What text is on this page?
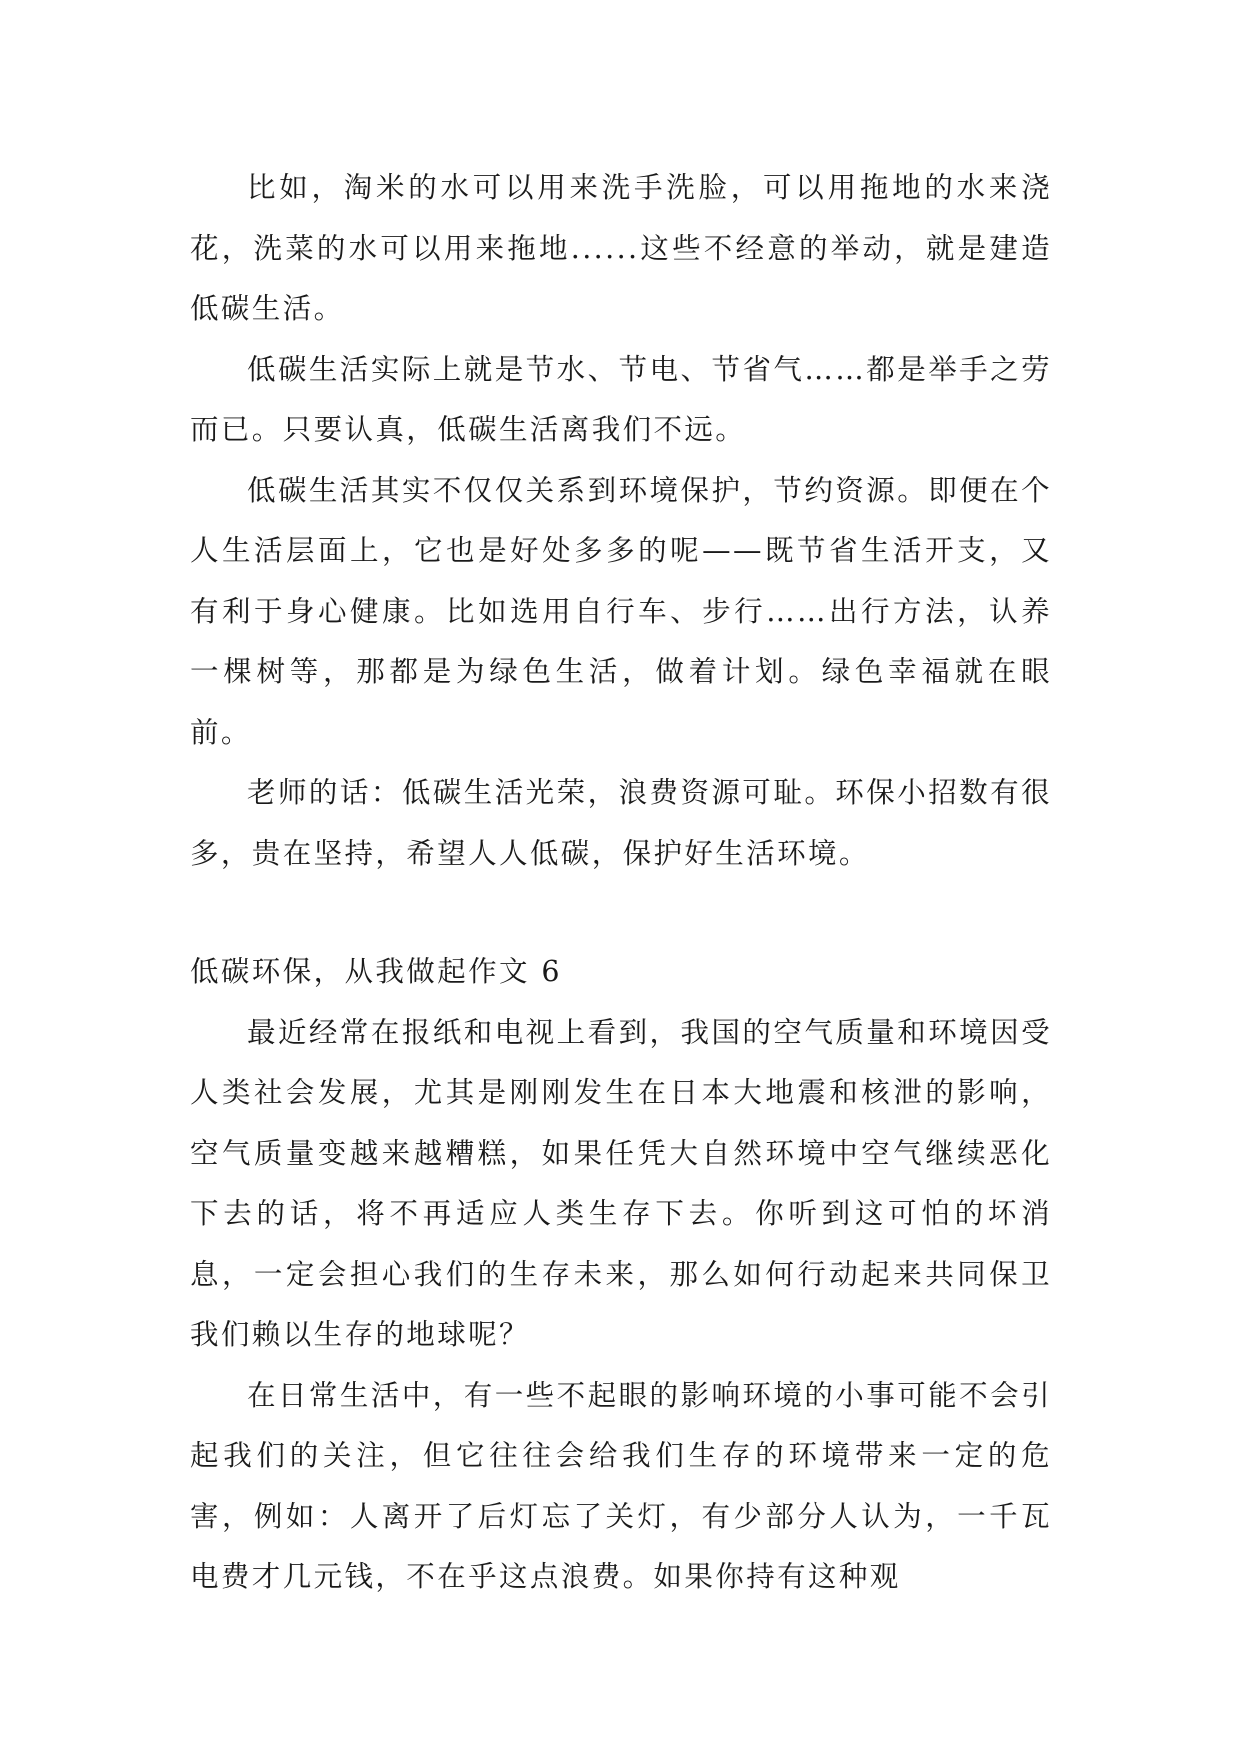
比如，淘米的水可以用来洗手洗脸，可以用拖地的水来浇花，洗菜的水可以用来拖地......这些不经意的举动，就是建造低碳生活。

低碳生活实际上就是节水、节电、节省气……都是举手之劳而已。只要认真，低碳生活离我们不远。

低碳生活其实不仅仅关系到环境保护，节约资源。即便在个人生活层面上，它也是好处多多的呢——既节省生活开支，又有利于身心健康。比如选用自行车、步行……出行方法，认养一棵树等，那都是为绿色生活，做着计划。绿色幸福就在眼前。

老师的话：低碳生活光荣，浪费资源可耻。环保小招数有很多，贵在坚持，希望人人低碳，保护好生活环境。

低碳环保，从我做起作文 6

最近经常在报纸和电视上看到，我国的空气质量和环境因受人类社会发展，尤其是刚刚发生在日本大地震和核泄的影响，空气质量变越来越糟糕，如果任凭大自然环境中空气继续恶化下去的话，将不再适应人类生存下去。你听到这可怕的坏消息，一定会担心我们的生存未来，那么如何行动起来共同保卫我们赖以生存的地球呢？

在日常生活中，有一些不起眼的影响环境的小事可能不会引起我们的关注，但它往往会给我们生存的环境带来一定的危害，例如：人离开了后灯忘了关灯，有少部分人认为，一千瓦电费才几元钱，不在乎这点浪费。如果你持有这种观
